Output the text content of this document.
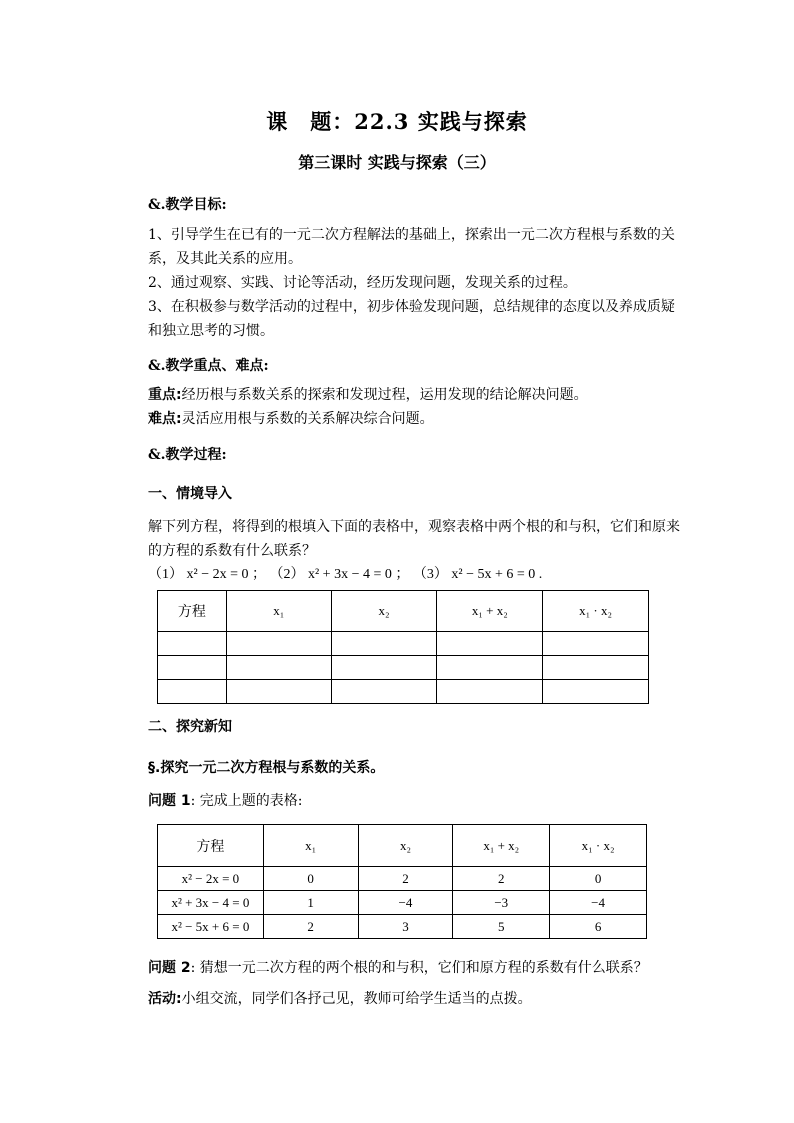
课　题：22.3 实践与探索
第三课时 实践与探索（三）
&.教学目标:
1、引导学生在已有的一元二次方程解法的基础上，探索出一元二次方程根与系数的关系，及其此关系的应用。
2、通过观察、实践、讨论等活动，经历发现问题，发现关系的过程。
3、在积极参与数学活动的过程中，初步体验发现问题，总结规律的态度以及养成质疑和独立思考的习惯。
&.教学重点、难点:
重点:经历根与系数关系的探索和发现过程，运用发现的结论解决问题。
难点:灵活应用根与系数的关系解决综合问题。
&.教学过程:
一、情境导入
解下列方程，将得到的根填入下面的表格中，观察表格中两个根的和与积，它们和原来的方程的系数有什么联系？
（1） x² − 2x = 0 ； （2） x² + 3x − 4 = 0 ； （3） x² − 5x + 6 = 0 .
方程	x₁	x₂	x₁ + x₂	x₁ · x₂

二、探究新知
§.探究一元二次方程根与系数的关系。
问题 1: 完成上题的表格:
方程	x₁	x₂	x₁ + x₂	x₁ · x₂
x² − 2x = 0	0	2	2	0
x² + 3x − 4 = 0	1	−4	−3	−4
x² − 5x + 6 = 0	2	3	5	6
问题 2: 猜想一元二次方程的两个根的和与积，它们和原方程的系数有什么联系？
活动:小组交流，同学们各抒己见，教师可给学生适当的点拨。
